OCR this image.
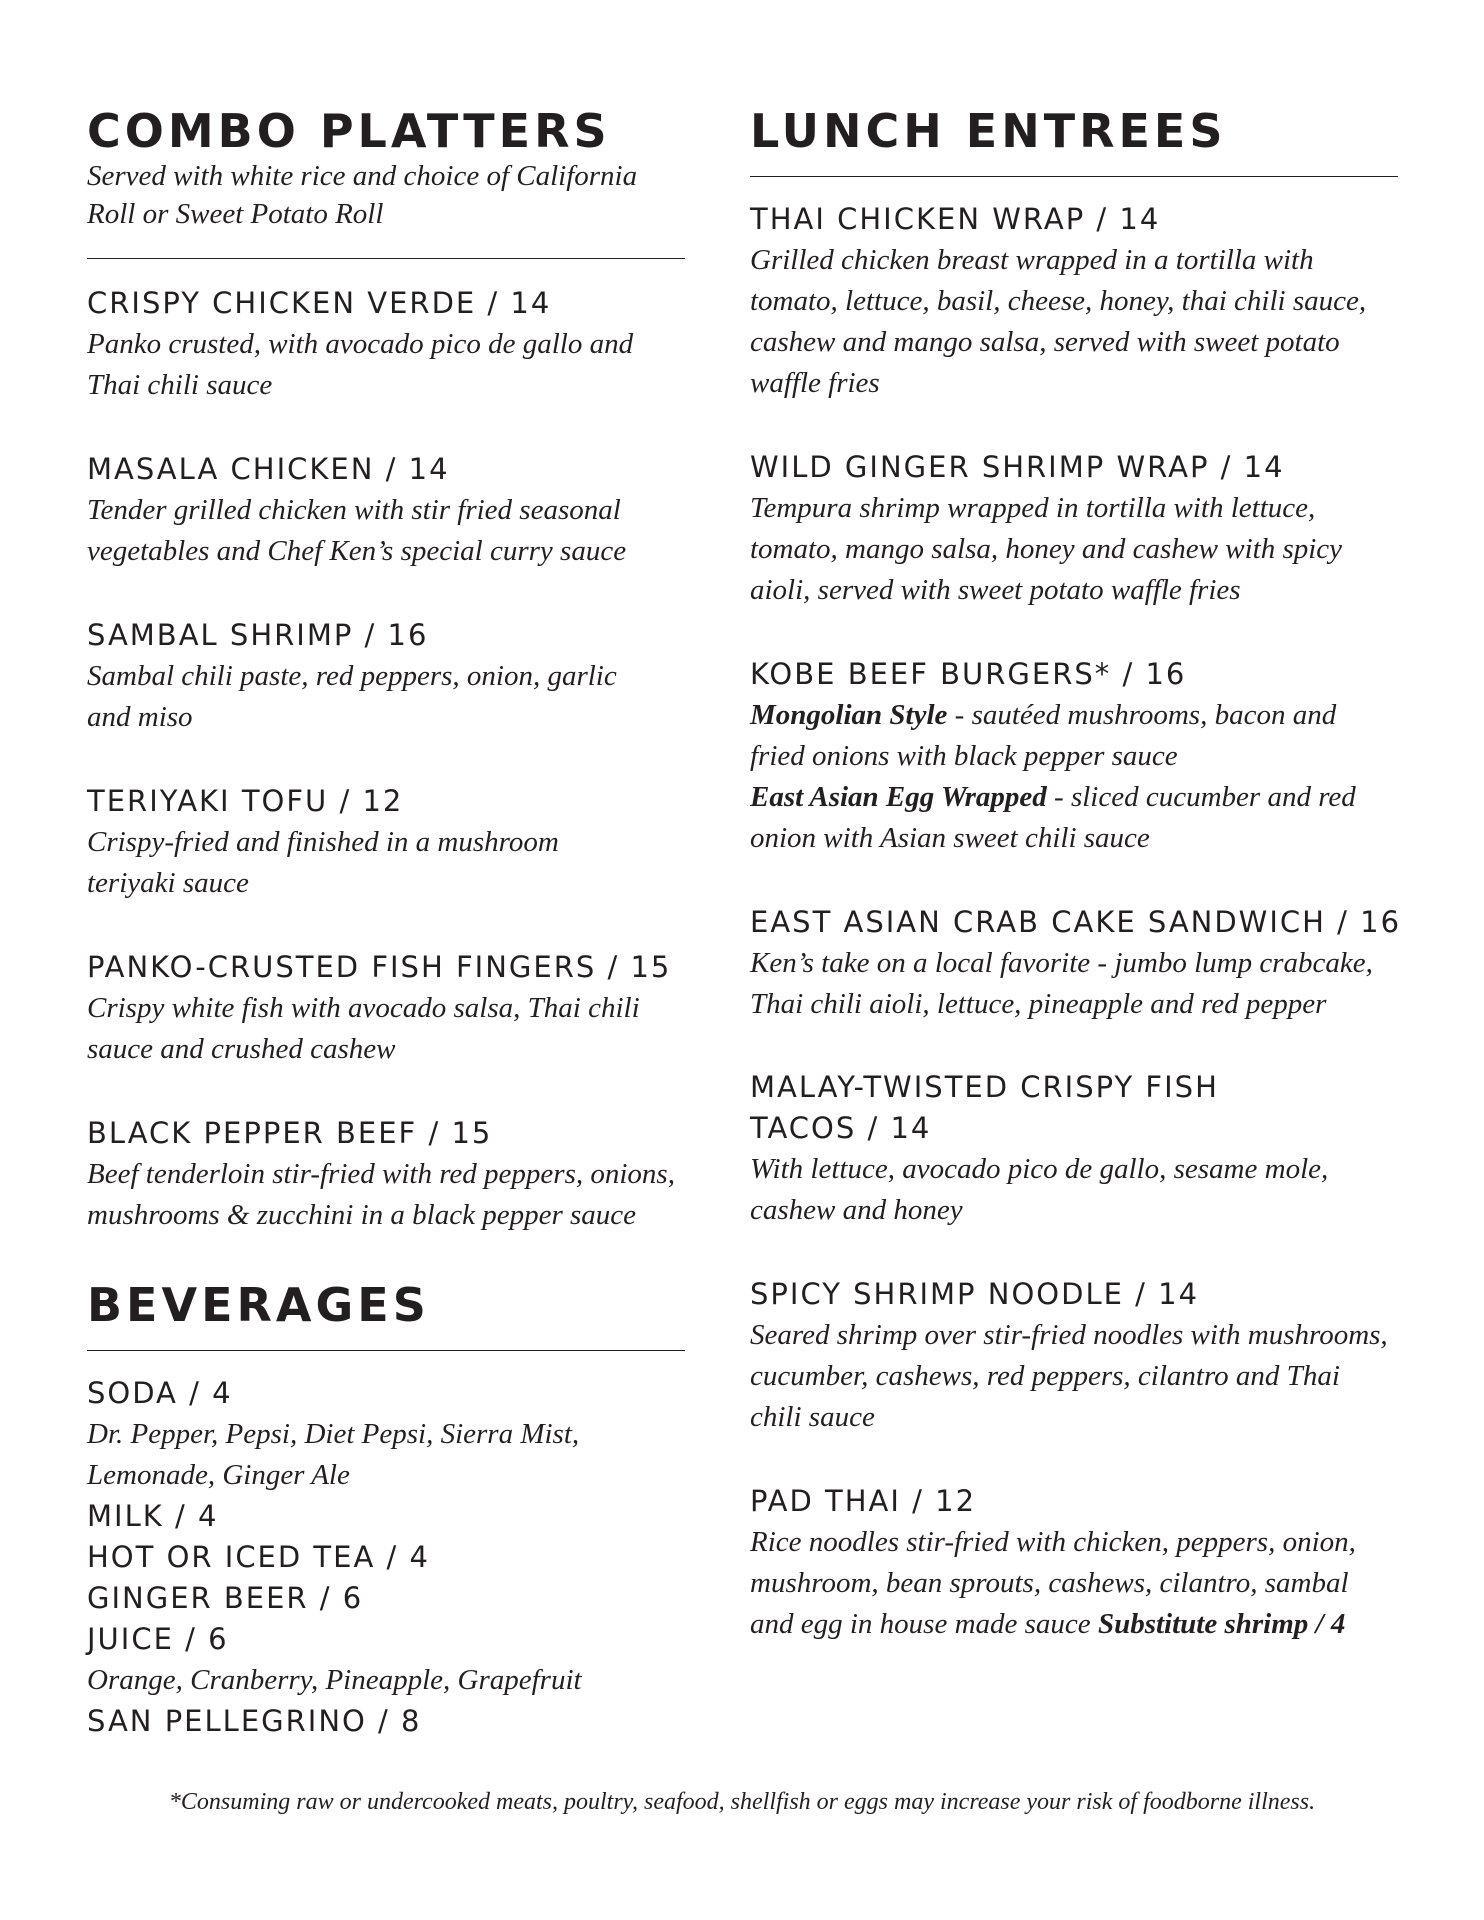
COMBO PLATTERS
Served with white rice and choice of California Roll or Sweet Potato Roll
CRISPY CHICKEN VERDE / 14
Panko crusted, with avocado pico de gallo and Thai chili sauce
MASALA CHICKEN / 14
Tender grilled chicken with stir fried seasonal vegetables and Chef Ken’s special curry sauce
SAMBAL SHRIMP / 16
Sambal chili paste, red peppers, onion, garlic and miso
TERIYAKI TOFU / 12
Crispy-fried and finished in a mushroom teriyaki sauce
PANKO-CRUSTED FISH FINGERS / 15
Crispy white fish with avocado salsa, Thai chili sauce and crushed cashew
BLACK PEPPER BEEF / 15
Beef tenderloin stir-fried with red peppers, onions, mushrooms & zucchini in a black pepper sauce
BEVERAGES
SODA / 4
Dr. Pepper, Pepsi, Diet Pepsi, Sierra Mist, Lemonade, Ginger Ale
MILK / 4
HOT OR ICED TEA / 4
GINGER BEER / 6
JUICE / 6
Orange, Cranberry, Pineapple, Grapefruit
SAN PELLEGRINO / 8
LUNCH ENTREES
THAI CHICKEN WRAP / 14
Grilled chicken breast wrapped in a tortilla with tomato, lettuce, basil, cheese, honey, thai chili sauce, cashew and mango salsa, served with sweet potato waffle fries
WILD GINGER SHRIMP WRAP / 14
Tempura shrimp wrapped in tortilla with lettuce, tomato, mango salsa, honey and cashew with spicy aioli, served with sweet potato waffle fries
KOBE BEEF BURGERS* / 16
Mongolian Style - sautéed mushrooms, bacon and fried onions with black pepper sauce
East Asian Egg Wrapped - sliced cucumber and red onion with Asian sweet chili sauce
EAST ASIAN CRAB CAKE SANDWICH / 16
Ken’s take on a local favorite - jumbo lump crabcake, Thai chili aioli, lettuce, pineapple and red pepper
MALAY-TWISTED CRISPY FISH
TACOS / 14
With lettuce, avocado pico de gallo, sesame mole, cashew and honey
SPICY SHRIMP NOODLE / 14
Seared shrimp over stir-fried noodles with mushrooms, cucumber, cashews, red peppers, cilantro and Thai chili sauce
PAD THAI / 12
Rice noodles stir-fried with chicken, peppers, onion, mushroom, bean sprouts, cashews, cilantro, sambal and egg in house made sauce Substitute shrimp / 4
*Consuming raw or undercooked meats, poultry, seafood, shellfish or eggs may increase your risk of foodborne illness.
